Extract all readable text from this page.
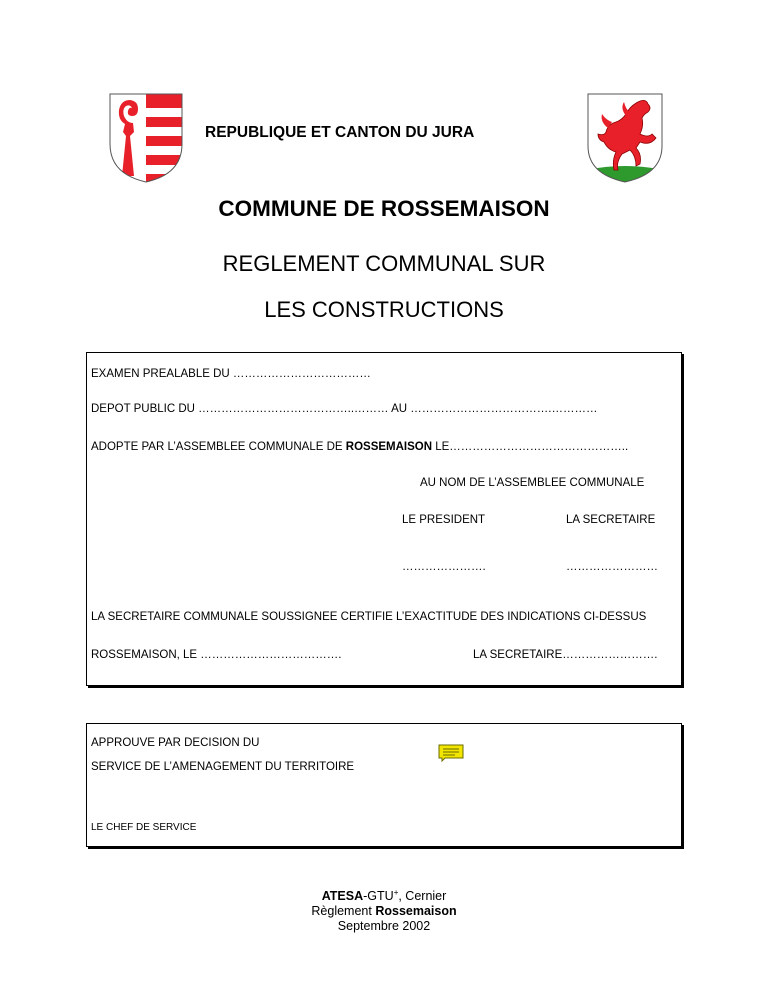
REPUBLIQUE ET CANTON DU JURA
COMMUNE DE ROSSEMAISON
REGLEMENT COMMUNAL SUR
LES CONSTRUCTIONS
EXAMEN PREALABLE DU ………………………………
DEPOT PUBLIC DU …………………………………..……… AU ……………………………….…………
ADOPTE PAR L’ASSEMBLEE COMMUNALE DE ROSSEMAISON LE………………………………………..
AU NOM DE L’ASSEMBLEE COMMUNALE
LE PRESIDENT	LA SECRETAIRE
………………….	……………………
LA SECRETAIRE COMMUNALE SOUSSIGNEE CERTIFIE L’EXACTITUDE DES INDICATIONS CI-DESSUS
ROSSEMAISON, LE ……………………………….	LA SECRETAIRE…………………….
APPROUVE PAR DECISION DU
SERVICE DE L’AMENAGEMENT DU TERRITOIRE
LE CHEF DE SERVICE
ATESA-GTU+, Cernier
Règlement Rossemaison
Septembre 2002
